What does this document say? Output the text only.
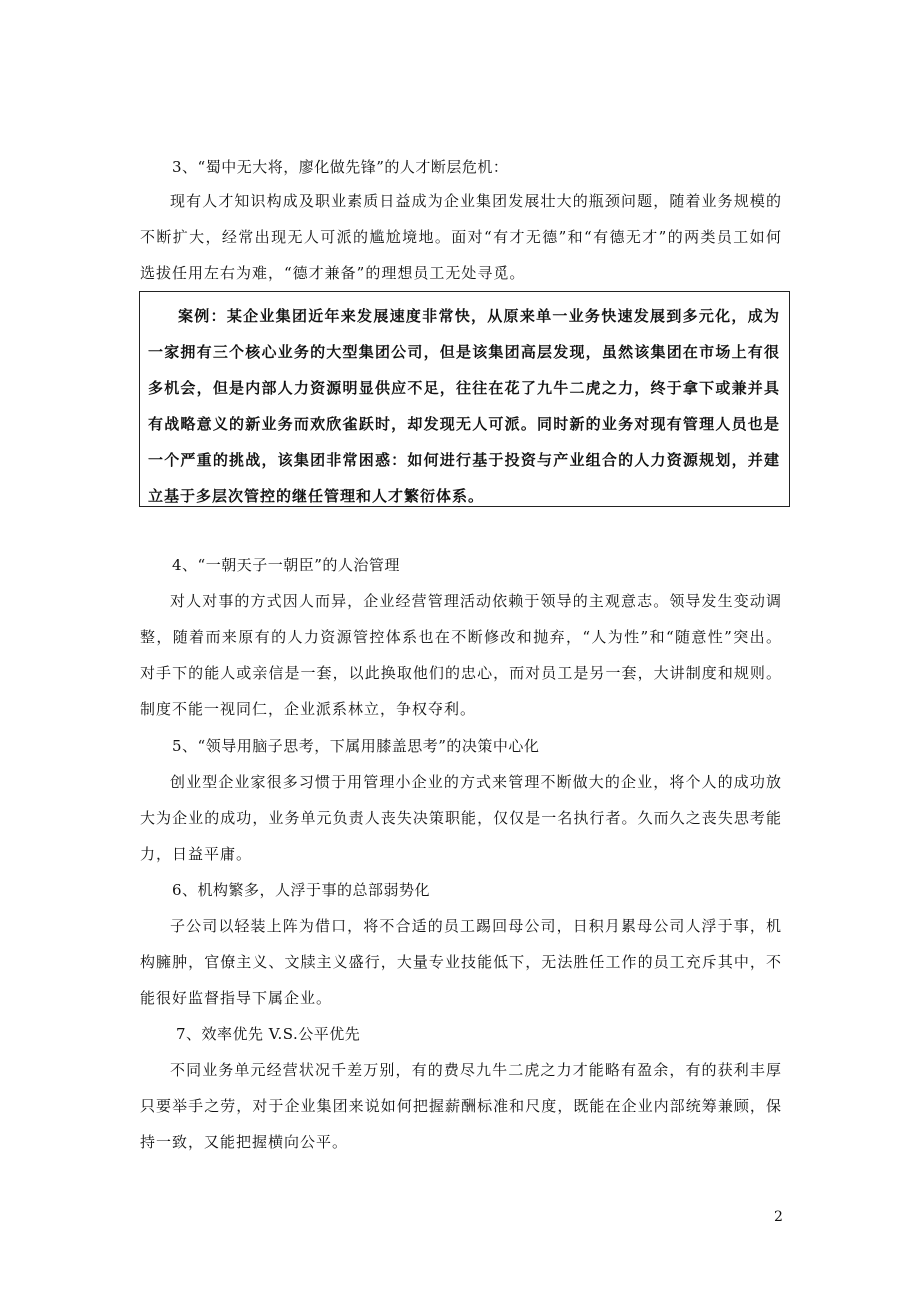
3、“蜀中无大将，廖化做先锋”的人才断层危机：

现有人才知识构成及职业素质日益成为企业集团发展壮大的瓶颈问题，随着业务规模的不断扩大，经常出现无人可派的尴尬境地。面对“有才无德”和“有德无才”的两类员工如何选拔任用左右为难，“德才兼备”的理想员工无处寻觅。

案例：某企业集团近年来发展速度非常快，从原来单一业务快速发展到多元化，成为一家拥有三个核心业务的大型集团公司，但是该集团高层发现，虽然该集团在市场上有很多机会，但是内部人力资源明显供应不足，往往在花了九牛二虎之力，终于拿下或兼并具有战略意义的新业务而欢欣雀跃时，却发现无人可派。同时新的业务对现有管理人员也是一个严重的挑战，该集团非常困惑：如何进行基于投资与产业组合的人力资源规划，并建立基于多层次管控的继任管理和人才繁衍体系。

4、“一朝天子一朝臣”的人治管理

对人对事的方式因人而异，企业经营管理活动依赖于领导的主观意志。领导发生变动调整，随着而来原有的人力资源管控体系也在不断修改和抛弃，“人为性”和“随意性”突出。对手下的能人或亲信是一套，以此换取他们的忠心，而对员工是另一套，大讲制度和规则。制度不能一视同仁，企业派系林立，争权夺利。

5、“领导用脑子思考，下属用膝盖思考”的决策中心化

创业型企业家很多习惯于用管理小企业的方式来管理不断做大的企业，将个人的成功放大为企业的成功，业务单元负责人丧失决策职能，仅仅是一名执行者。久而久之丧失思考能力，日益平庸。

6、机构繁多，人浮于事的总部弱势化

子公司以轻装上阵为借口，将不合适的员工踢回母公司，日积月累母公司人浮于事，机构臃肿，官僚主义、文牍主义盛行，大量专业技能低下，无法胜任工作的员工充斥其中，不能很好监督指导下属企业。

7、效率优先 V.S.公平优先

不同业务单元经营状况千差万别，有的费尽九牛二虎之力才能略有盈余，有的获利丰厚只要举手之劳，对于企业集团来说如何把握薪酬标准和尺度，既能在企业内部统筹兼顾，保持一致，又能把握横向公平。

2
